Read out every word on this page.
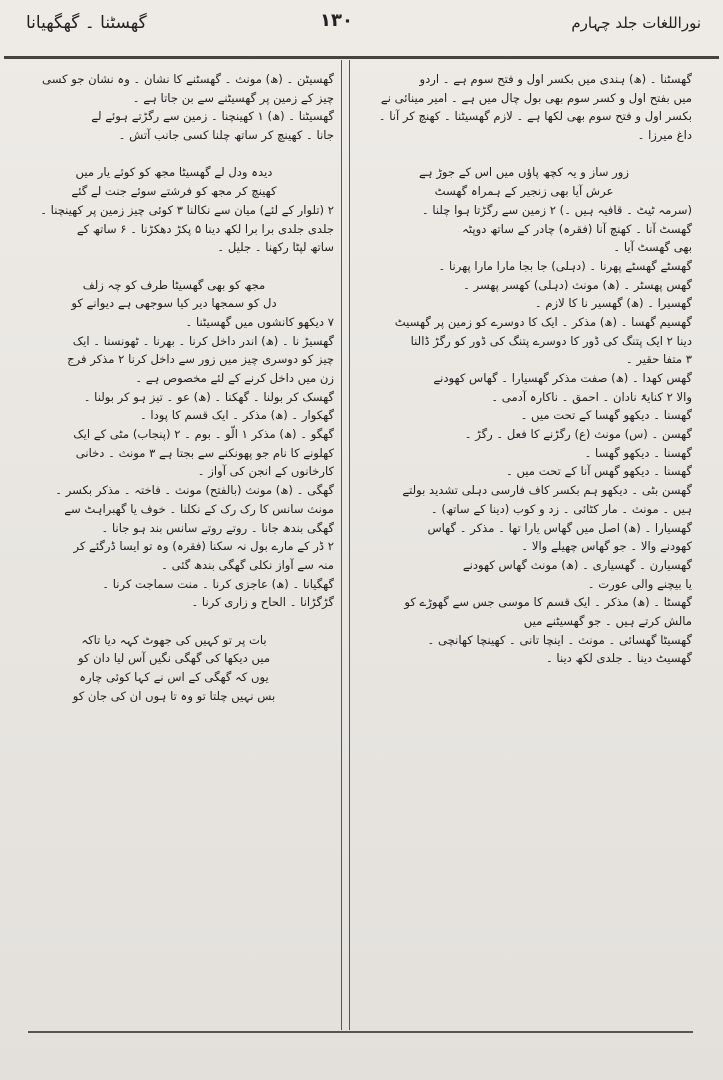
نوراللغات جلد چہارم
۱۳۰
گھسٹنا ۔ گھگھیانا
گھسٹنا ۔ (ھ) ہندی میں بکسر اول و فتح سوم ہے ۔ اردو
میں بفتح اول و کسر سوم بھی بول چال میں ہے ۔ امیر مینائی نے
بکسر اول و فتح سوم بھی لکھا ہے ۔ لازم گھسیٹنا ۔ کھنچ کر آنا ۔
داغ میرزا ۔
زور ساز و یہ کچھ پاؤں میں اس کے جوڑ ہے
عرش آیا بھی زنجیر کے ہمراہ گھسٹ
(سرمہ ٹیٹ ۔ قافیہ ہیں ۔) ۲ زمین سے رگڑتا ہوا چلنا ۔
گھسٹ آنا ۔ کھنچ آنا (فقرہ) چادر کے ساتھ دوپٹہ
بھی گھسٹ آیا ۔
گھسٹے گھسٹے پھرنا ۔ (دہلی) جا بجا مارا مارا پھرنا ۔
گھس پھسٹر ۔ (ھ) مونث (دہلی) کھسر پھسر ۔
گھسیرا ۔ (ھ) گھسیر نا کا لازم ۔
گھسیم گھسا ۔ (ھ) مذکر ۔ ایک کا دوسرے کو زمین پر گھسیٹ
دینا ۲ ایک پتنگ کی ڈور کا دوسرے پتنگ کی ڈور کو رگڑ ڈالنا
۳ متفا حقیر ۔
گھس کھدا ۔ (ھ) صفت مذکر گھسیارا ۔ گھاس کھودنے
والا ۲ کنایۃً نادان ۔ احمق ۔ ناکارہ آدمی ۔
گھسنا ۔ دیکھو گھسا کے تحت میں ۔
گھسن ۔ (س) مونث (ع) رگڑنے کا فعل ۔ رگڑ ۔
گھسنا ۔ دیکھو گھسا ۔
گھسنا ۔ دیکھو گھس آنا کے تحت میں ۔
گھسن بٹی ۔ دیکھو ہم بکسر کاف فارسی دہلی تشدید بولتے
ہیں ۔ مونث ۔ مار کٹائی ۔ زد و کوب (دینا کے ساتھ) ۔
گھسیارا ۔ (ھ) اصل میں گھاس یارا تھا ۔ مذکر ۔ گھاس
کھودنے والا ۔ جو گھاس چھیلے والا ۔
گھسیارن ۔ گھسیاری ۔ (ھ) مونث گھاس کھودنے
یا بیچنے والی عورت ۔
گھسٹا ۔ (ھ) مذکر ۔ ایک قسم کا موسی جس سے گھوڑے کو
مالش کرتے ہیں ۔ جو گھسیٹنے میں
گھسیٹا گھسائی ۔ مونث ۔ اینچا تانی ۔ کھینچا کھانچی ۔
گھسیٹ دینا ۔ جلدی لکھ دینا ۔
گھسیٹن ۔ (ھ) مونث ۔ گھسٹنے کا نشان ۔ وہ نشان جو کسی
چیز کے زمین پر گھسیٹنے سے بن جاتا ہے ۔
گھسیٹنا ۔ (ھ) ۱ کھینچنا ۔ زمین سے رگڑتے ہوئے لے
جانا ۔ کھینچ کر ساتھ چلنا کسی جانب آتش ۔
دیدہ ودل لے گھسیٹا مجھ کو کوئے یار میں
کھینچ کر مجھ کو فرشتے سوئے جنت لے گئے
۲ (تلوار کے لئے) میان سے نکالنا ۳ کوئی چیز زمین پر کھینچنا ۔
جلدی جلدی برا برا لکھ دینا ۵ پکڑ دھکڑنا ۔ ۶ ساتھ کے
ساتھ لپٹا رکھنا ۔ جلیل ۔
مجھ کو بھی گھسیٹا طرف کو چہ زلف
دل کو سمجھا دیر کیا سوجھی ہے دیوانے کو
۷ دیکھو کانشوں میں گھسیٹنا ۔
گھسیڑ نا ۔ (ھ) اندر داخل کرنا ۔ بھرنا ۔ ٹھونسنا ۔ ایک
چیز کو دوسری چیز میں زور سے داخل کرنا ۲ مذکر فرج
زن میں داخل کرنے کے لئے مخصوص ہے ۔
گھسک کر بولنا ۔ گھکنا ۔ (ھ) عو ۔ تیز ہو کر بولنا ۔
گھکوار ۔ (ھ) مذکر ۔ ایک قسم کا پودا ۔
گھگو ۔ (ھ) مذکر ۱ الّو ۔ بوم ۔ ۲ (پنجاب) مٹی کے ایک
کھلونے کا نام جو پھونکنے سے بجتا ہے ۳ مونث ۔ دخانی
کارخانوں کے انجن کی آواز ۔
گھگی ۔ (ھ) مونث (بالفتح) مونث ۔ فاختہ ۔ مذکر بکسر ۔
مونث سانس کا رک رک کے نکلنا ۔ خوف یا گھبراہٹ سے
گھگی بندھ جانا ۔ روتے روتے سانس بند ہو جانا ۔
۲ ڈر کے مارے بول نہ سکنا (فقرہ) وہ تو ایسا ڈرگئے کر
منہ سے آواز نکلی گھگی بندھ گئی ۔
گھگیانا ۔ (ھ) عاجزی کرنا ۔ منت سماجت کرنا ۔
گڑگڑانا ۔ الحاح و زاری کرنا ۔
بات پر تو کہیں کی جھوٹ کہہ دیا تاکہ
میں دیکھا کی گھگی نگیں آس لیا دان کو
یوں کہ گھگی کے اس نے کہا کوئی چارہ
بس نہیں چلتا تو وہ تا ہوں ان کی جان کو
